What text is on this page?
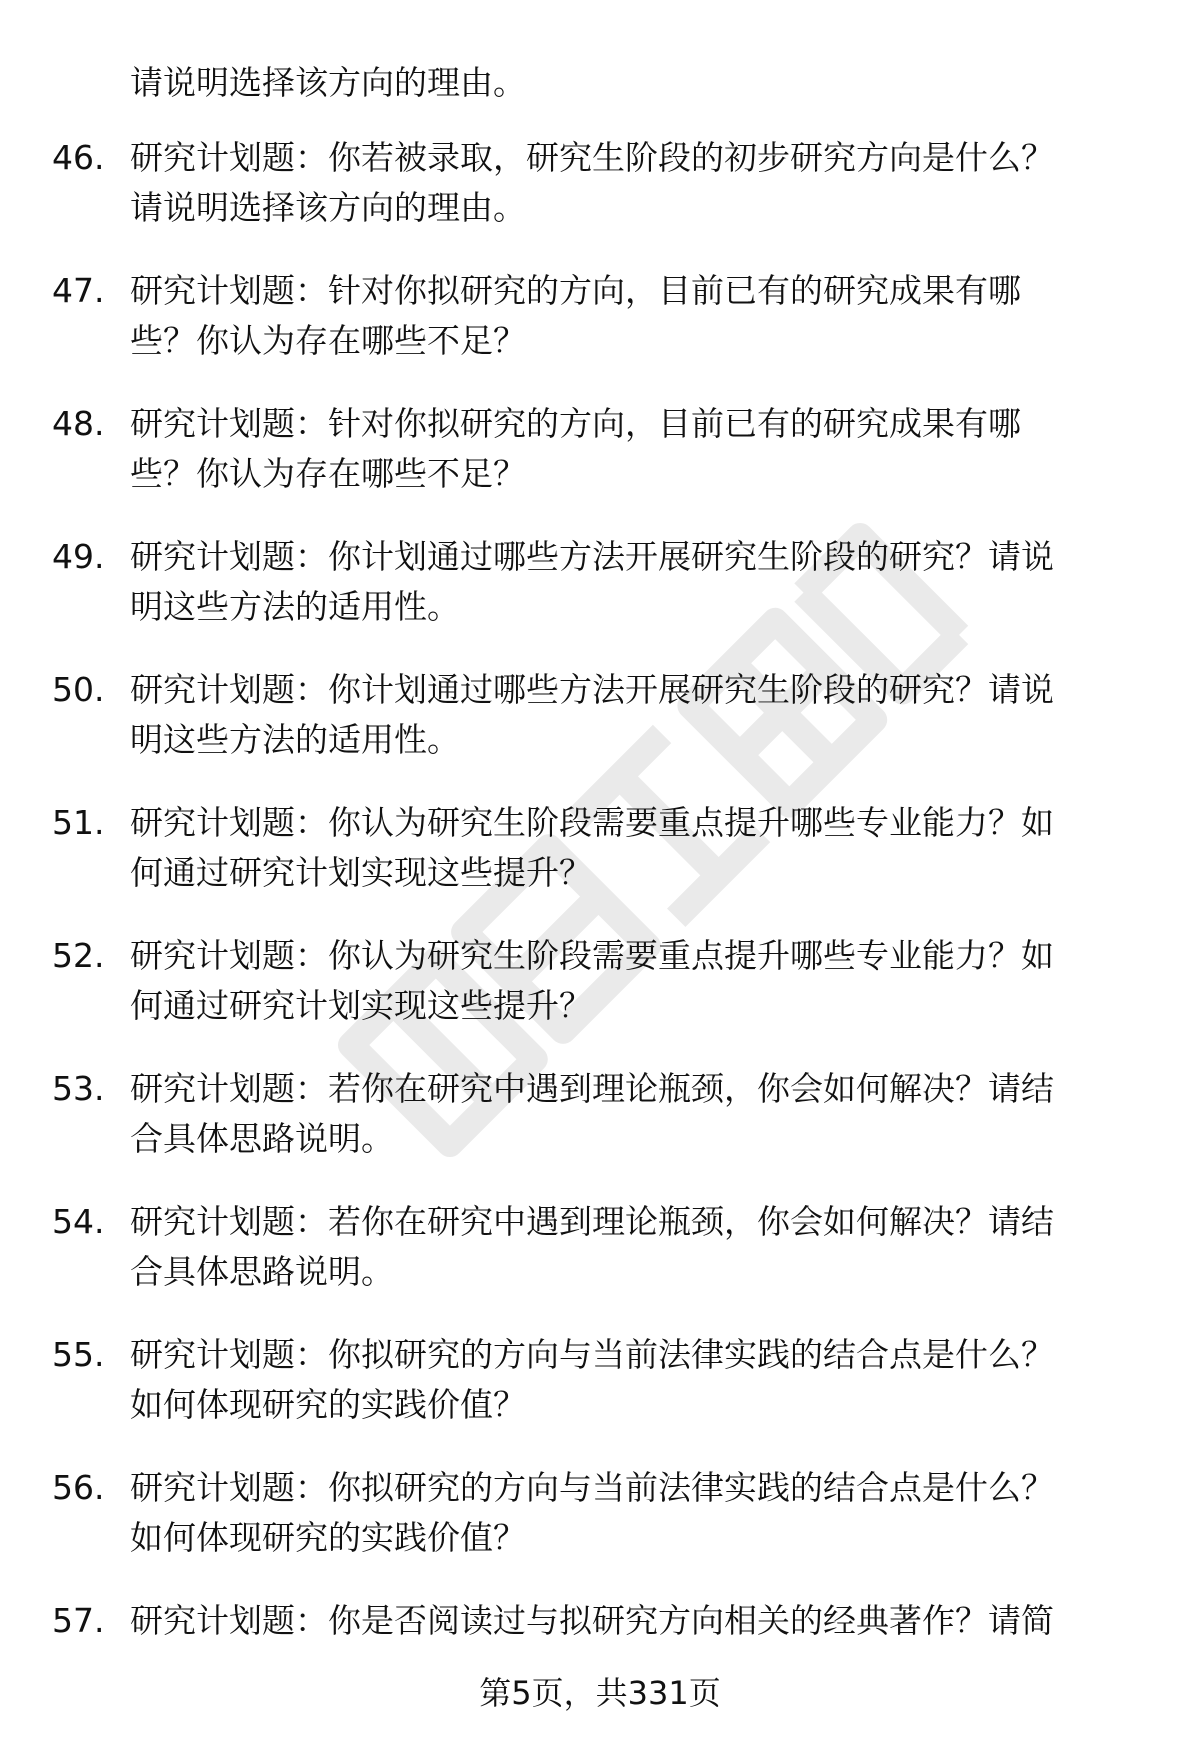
请说明选择该方向的理由。
46. 研究计划题：你若被录取，研究生阶段的初步研究方向是什么？
请说明选择该方向的理由。
47. 研究计划题：针对你拟研究的方向，目前已有的研究成果有哪
些？你认为存在哪些不足？
48. 研究计划题：针对你拟研究的方向，目前已有的研究成果有哪
些？你认为存在哪些不足？
49. 研究计划题：你计划通过哪些方法开展研究生阶段的研究？请说
明这些方法的适用性。
50. 研究计划题：你计划通过哪些方法开展研究生阶段的研究？请说
明这些方法的适用性。
51. 研究计划题：你认为研究生阶段需要重点提升哪些专业能力？如
何通过研究计划实现这些提升？
52. 研究计划题：你认为研究生阶段需要重点提升哪些专业能力？如
何通过研究计划实现这些提升？
53. 研究计划题：若你在研究中遇到理论瓶颈，你会如何解决？请结
合具体思路说明。
54. 研究计划题：若你在研究中遇到理论瓶颈，你会如何解决？请结
合具体思路说明。
55. 研究计划题：你拟研究的方向与当前法律实践的结合点是什么？
如何体现研究的实践价值？
56. 研究计划题：你拟研究的方向与当前法律实践的结合点是什么？
如何体现研究的实践价值？
57. 研究计划题：你是否阅读过与拟研究方向相关的经典著作？请简
第5页，共331页
